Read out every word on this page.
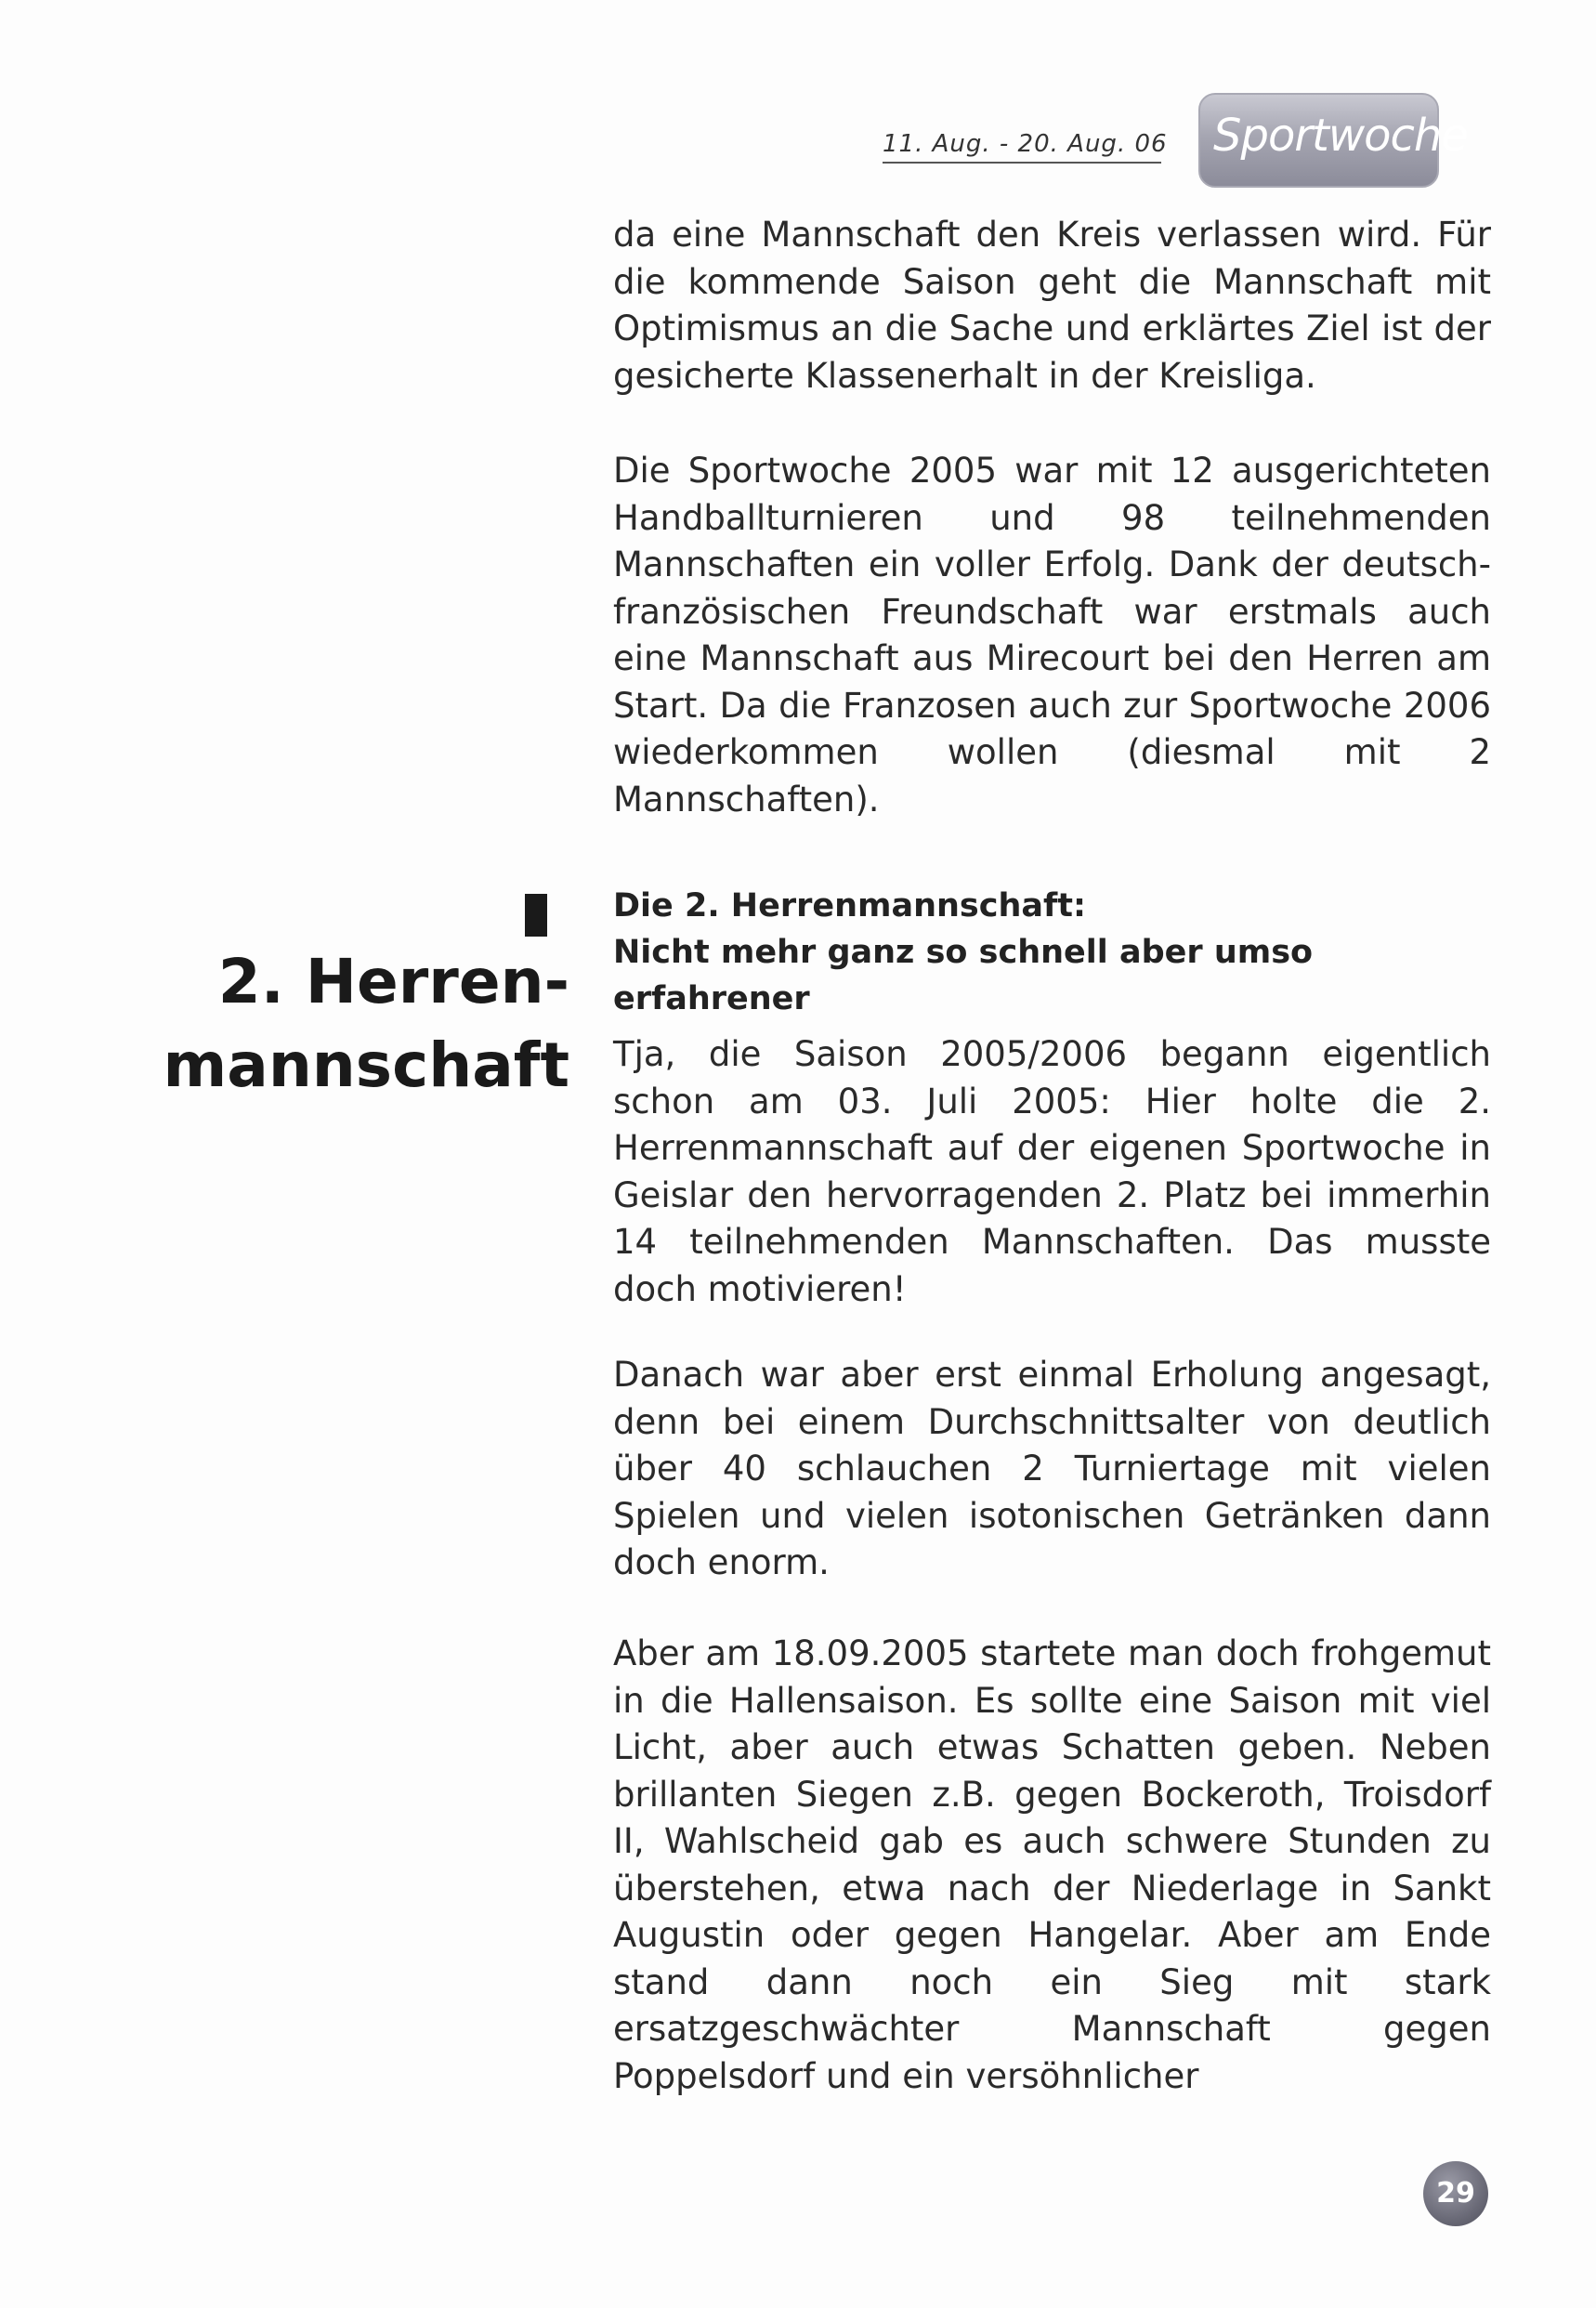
11. Aug. - 20. Aug. 06 Sportwoche

da eine Mannschaft den Kreis verlassen wird. Für die kommende Saison geht die Mannschaft mit Optimismus an die Sache und erklärtes Ziel ist der gesicherte Klassenerhalt in der Kreisliga.

Die Sportwoche 2005 war mit 12 ausgerichteten Handballturnieren und 98 teilnehmenden Mannschaften ein voller Erfolg. Dank der deutsch-französischen Freundschaft war erstmals auch eine Mannschaft aus Mirecourt bei den Herren am Start. Da die Franzosen auch zur Sportwoche 2006 wiederkommen wollen (diesmal mit 2 Mannschaften).

2. Herren-
mannschaft
Die 2. Herrenmannschaft:
Nicht mehr ganz so schnell aber umso erfahrener

Tja, die Saison 2005/2006 begann eigentlich schon am 03. Juli 2005: Hier holte die 2. Herrenmannschaft auf der eigenen Sportwoche in Geislar den hervorragenden 2. Platz bei immerhin 14 teilnehmenden Mannschaften. Das musste doch motivieren!

Danach war aber erst einmal Erholung angesagt, denn bei einem Durchschnittsalter von deutlich über 40 schlauchen 2 Turniertage mit vielen Spielen und vielen isotonischen Getränken dann doch enorm.

Aber am 18.09.2005 startete man doch frohgemut in die Hallensaison. Es sollte eine Saison mit viel Licht, aber auch etwas Schatten geben. Neben brillanten Siegen z.B. gegen Bockeroth, Troisdorf II, Wahlscheid gab es auch schwere Stunden zu überstehen, etwa nach der Niederlage in Sankt Augustin oder gegen Hangelar. Aber am Ende stand dann noch ein Sieg mit stark ersatzgeschwächter Mannschaft gegen Poppelsdorf und ein versöhnlicher

29
